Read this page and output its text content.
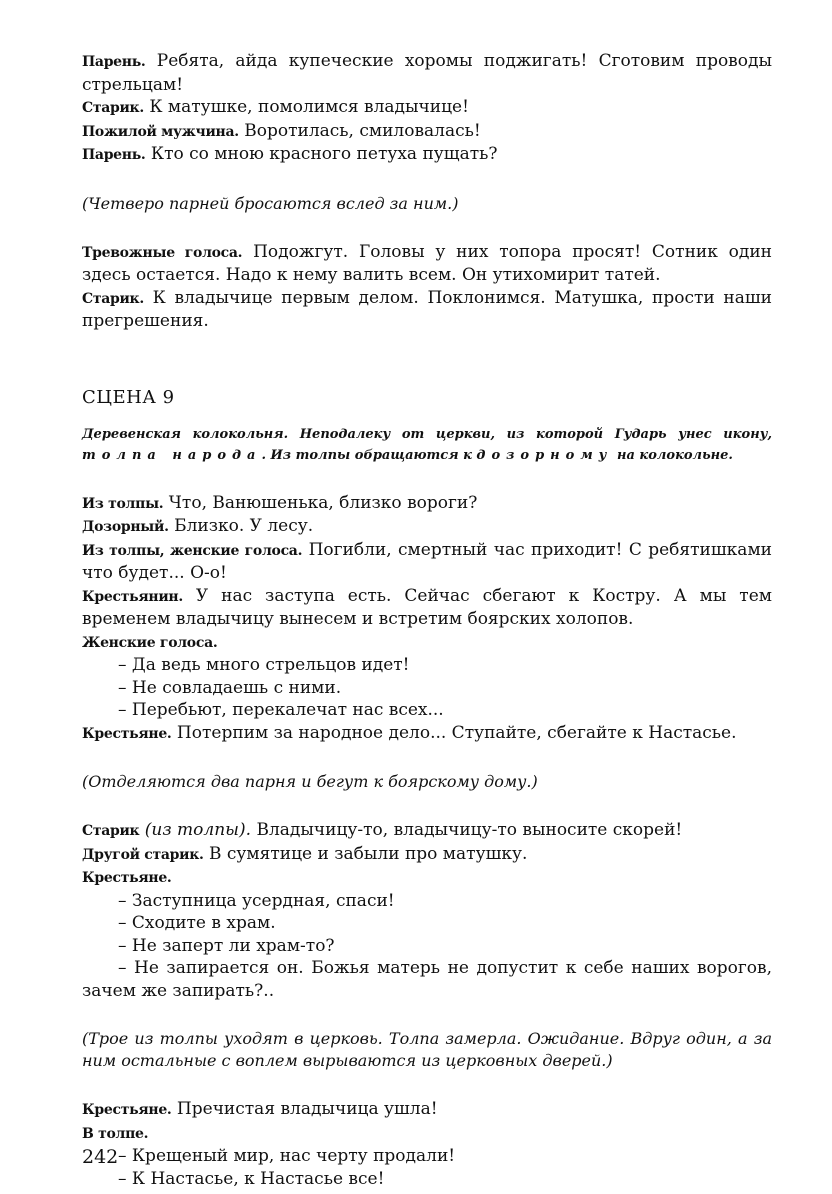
Парень. Ребята, айда купеческие хоромы поджигать! Сготовим проводы стрельцам!

Старик. К матушке, помолимся владычице!

Пожилой мужчина. Воротилась, смиловалась!

Парень. Кто со мною красного петуха пущать?

(Четверо парней бросаются вслед за ним.)

Тревожные голоса. Подожгут. Головы у них топора просят! Сотник один здесь остается. Надо к нему валить всем. Он утихомирит татей.

Старик. К владычице первым делом. Поклонимся. Матушка, прости наши прегрешения.

СЦЕНА 9

Деревенская колокольня. Неподалеку от церкви, из которой Гударь унес икону, толпа народа. Из толпы обращаются к дозорному на колокольне.

Из толпы. Что, Ванюшенька, близко вороги?

Дозорный. Близко. У лесу.

Из толпы, женские голоса. Погибли, смертный час приходит! С ребятишками что будет... О-о!

Крестьянин. У нас заступа есть. Сейчас сбегают к Костру. А мы тем временем владычицу вынесем и встретим боярских холопов.

Женские голоса.

– Да ведь много стрельцов идет!

– Не совладаешь с ними.

– Перебьют, перекалечат нас всех...

Крестьяне. Потерпим за народное дело... Ступайте, сбегайте к Настасье.

(Отделяются два парня и бегут к боярскому дому.)

Старик (из толпы). Владычицу-то, владычицу-то выносите скорей!

Другой старик. В сумятице и забыли про матушку.

Крестьяне.

– Заступница усердная, спаси!

– Сходите в храм.

– Не заперт ли храм-то?

– Не запирается он. Божья матерь не допустит к себе наших ворогов, зачем же запирать?..

(Трое из толпы уходят в церковь. Толпа замерла. Ожидание. Вдруг один, а за ним остальные с воплем вырываются из церковных дверей.)

Крестьяне. Пречистая владычица ушла!

В толпе.

– Крещеный мир, нас черту продали!

– К Настасье, к Настасье все!

242
